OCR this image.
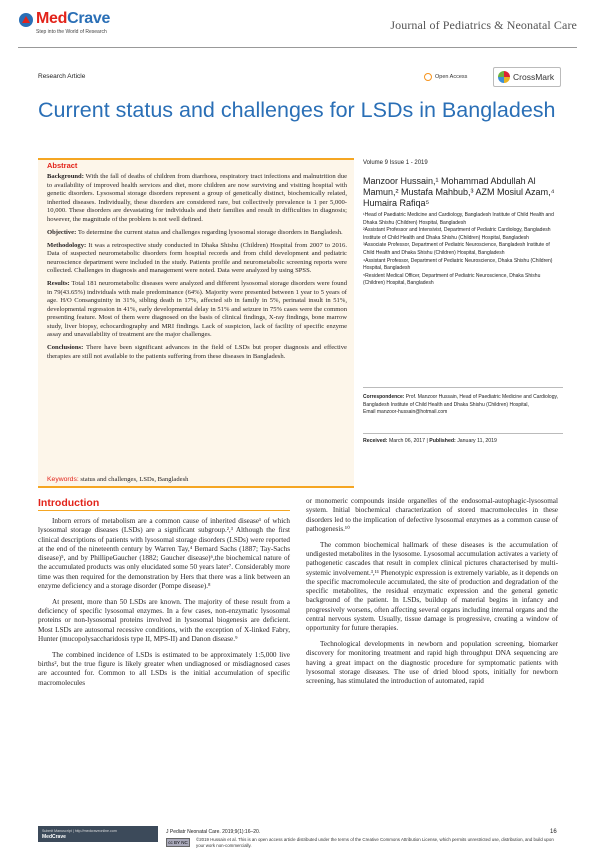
MedCrave
Step into the World of Research	Journal of Pediatrics & Neonatal Care
Research Article	Open Access	CrossMark
Current status and challenges for LSDs in Bangladesh
Abstract

Background: With the fall of deaths of children from diarrhoea, respiratory tract infections and malnutrition due to availability of improved health services and diet, more children are now surviving and visiting hospital with genetic disorders. Lysosomal storage disorders represent a group of genetically distinct, biochemically related, inherited diseases. Individually, these disorders are considered rare, but collectively prevalence is 1 per 5,000-10,000. These disorders are devastating for individuals and their families and result in difficulties in diagnosis; however, the magnitude of the problem is not well defined.

Objective: To determine the current status and challenges regarding lysosomal storage disorders in Bangladesh.

Methodology: It was a retrospective study conducted in Dhaka Shishu (Children) Hospital from 2007 to 2016. Data of suspected neurometabolic disorders form hospital records and from child development and pediatric neuroscience department were included in the study. Patients profile and neurometabolic screening reports were collected. Challenges in diagnosis and management were noted. Data were analyzed by using SPSS.

Results: Total 181 neurometabolic diseases were analyzed and different lysosomal storage disorders were found in 79(43.65%) individuals with male predominance (64%). Majority were presented between 1 year to 5 years of age. H/O Consanguinity in 31%, sibling death in 17%, affected sib in family in 5%, perinatal insult in 51%, developmental regression in 41%, early developmental delay in 51% and seizure in 75% cases were the common presenting feature. Most of them were diagnosed on the basis of clinical findings, X-ray findings, bone marrow study, liver biopsy, echocardiography and MRI findings. Lack of suspicion, lack of facility of specific enzyme assay and unavailability of treatment are the major challenges.

Conclusions: There have been significant advances in the field of LSDs but proper diagnosis and effective therapies are still not available to the patients suffering from these diseases in Bangladesh.

Keywords: status and challenges, LSDs, Bangladesh
Volume 9 Issue 1 - 2019
Manzoor Hussain,¹ Mohammad Abdullah Al Mamun,² Mustafa Mahbub,³ AZM Mosiul Azam,⁴ Humaira Rafiqa⁵
¹Head of Paediatric Medicine and Cardiology, Bangladesh Institute of Child Health and Dhaka Shishu (Children) Hospital, Bangladesh
²Assistant Professor and Intensivist, Department of Pediatric Cardiology, Bangladesh Institute of Child Health and Dhaka Shishu (Children) Hospital, Bangladesh
³Associate Professor, Department of Pediatric Neuroscience, Bangladesh Institute of Child Health and Dhaka Shishu (Children) Hospital, Bangladesh
⁴Assistant Professor, Department of Pediatric Neuroscience, Dhaka Shishu (Children) Hospital, Bangladesh
⁵Resident Medical Officer, Department of Pediatric Neuroscience, Dhaka Shishu (Children) Hospital, Bangladesh
Correspondence: Prof. Manzoor Hussain, Head of Paediatric Medicine and Cardiology, Bangladesh Institute of Child Health and Dhaka Shishu (Children) Hospital,
Email manzoor-hussain@hotmail.com
Received: March 06, 2017 | Published: January 11, 2019
Introduction

Inborn errors of metabolism are a common cause of inherited disease¹ of which lysosomal storage diseases (LSDs) are a significant subgroup.²,³ Although the first clinical descriptions of patients with lysosomal storage disorders (LSDs) were reported at the end of the nineteenth century by Warren Tay,⁴ Bernard Sachs (1887; Tay-Sachs disease)⁵, and by PhillipeGaucher (1882; Gaucher disease)⁶,the biochemical nature of the accumulated products was only elucidated some 50 years later⁷. Considerably more time was then required for the demonstration by Hers that there was a link between an enzyme deficiency and a storage disorder (Pompe disease).⁸

At present, more than 50 LSDs are known. The majority of these result from a deficiency of specific lysosomal enzymes. In a few cases, non-enzymatic lysosomal proteins or non-lysosomal proteins involved in lysosomal biogenesis are deficient. Most LSDs are autosomal recessive conditions, with the exception of X-linked Fabry, Hunter (mucopolysaccharidosis type II, MPS-II) and Danon disease.⁹

The combined incidence of LSDs is estimated to be approximately 1:5,000 live births², but the true figure is likely greater when undiagnosed or misdiagnosed cases are accounted for. Common to all LSDs is the initial accumulation of specific macromolecules

or monomeric compounds inside organelles of the endosomal-autophagic-lysosomal system. Initial biochemical characterization of stored macromolecules in these disorders led to the implication of defective lysosomal enzymes as a common cause of pathogenesis.¹⁰

The common biochemical hallmark of these diseases is the accumulation of undigested metabolites in the lysosome. Lysosomal accumulation activates a variety of pathogenetic cascades that result in complex clinical pictures characterised by multi-systemic involvement.³,¹¹ Phenotypic expression is extremely variable, as it depends on the specific macromolecule accumulated, the site of production and degradation of the specific metabolites, the residual enzymatic expression and the general genetic background of the patient. In LSDs, buildup of material begins in infancy and progressively worsens, often affecting several organs including internal organs and the central nervous system. Usually, tissue damage is progressive, creating a window of opportunity for future therapies.

Technological developments in newborn and population screening, biomarker discovery for monitoring treatment and rapid high throughput DNA sequencing are having a great impact on the diagnostic procedure for symptomatic patients with lysosomal storage diseases. The use of dried blood spots, initially for newborn screening, has stimulated the introduction of automated, rapid

Submit Manuscript | http://medcraveonline.com
MedCrave
J Pediatr Neonatal Care. 2019;9(1):16‒20.	16
cc BY NC
©2019 Hussain et al. This is an open access article distributed under the terms of the Creative Commons Attribution License, which permits unrestricted use, distribution, and build upon your work non-commercially.
